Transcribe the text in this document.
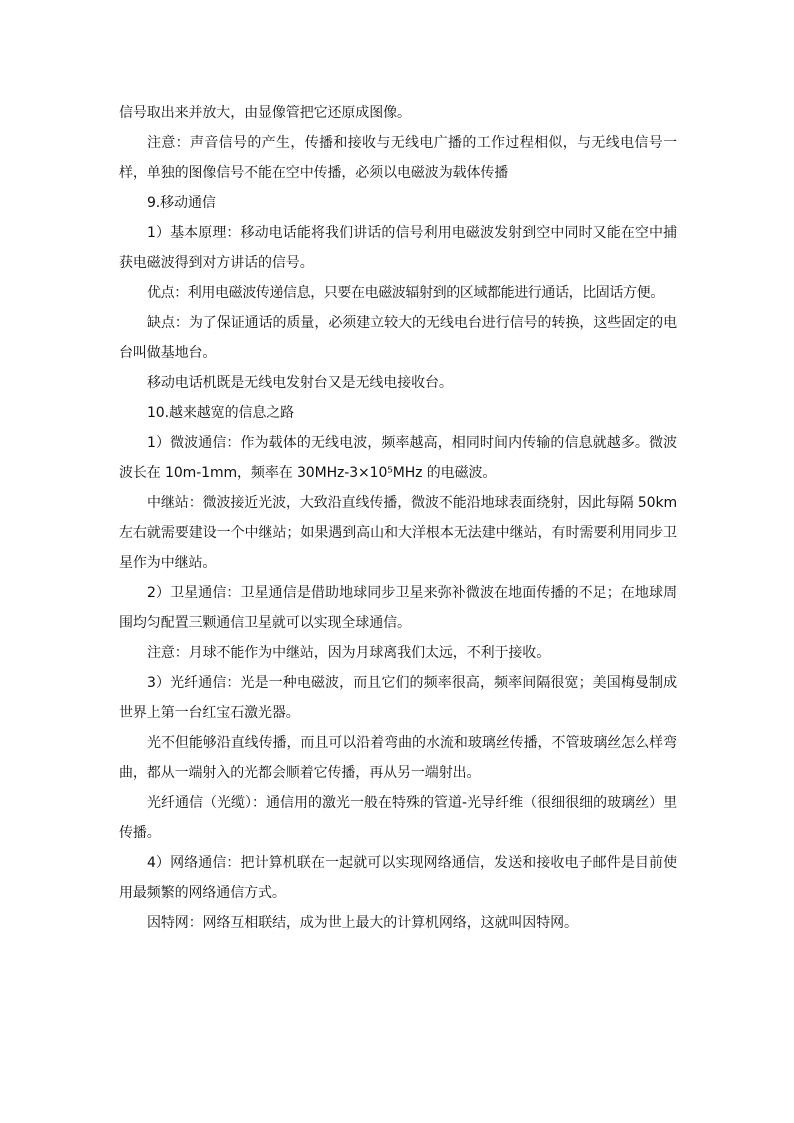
信号取出来并放大，由显像管把它还原成图像。

注意：声音信号的产生，传播和接收与无线电广播的工作过程相似，与无线电信号一样，单独的图像信号不能在空中传播，必须以电磁波为载体传播

9.移动通信

1）基本原理：移动电话能将我们讲话的信号利用电磁波发射到空中同时又能在空中捕获电磁波得到对方讲话的信号。

优点：利用电磁波传递信息，只要在电磁波辐射到的区域都能进行通话，比固话方便。

缺点：为了保证通话的质量，必须建立较大的无线电台进行信号的转换，这些固定的电台叫做基地台。

移动电话机既是无线电发射台又是无线电接收台。

10.越来越宽的信息之路

1）微波通信：作为载体的无线电波，频率越高，相同时间内传输的信息就越多。微波波长在 10m-1mm，频率在 30MHz-3×10⁵MHz 的电磁波。

中继站：微波接近光波，大致沿直线传播，微波不能沿地球表面绕射，因此每隔 50km 左右就需要建设一个中继站；如果遇到高山和大洋根本无法建中继站，有时需要利用同步卫星作为中继站。

2）卫星通信：卫星通信是借助地球同步卫星来弥补微波在地面传播的不足；在地球周围均匀配置三颗通信卫星就可以实现全球通信。

注意：月球不能作为中继站，因为月球离我们太远，不利于接收。

3）光纤通信：光是一种电磁波，而且它们的频率很高，频率间隔很宽；美国梅曼制成世界上第一台红宝石激光器。

光不但能够沿直线传播，而且可以沿着弯曲的水流和玻璃丝传播，不管玻璃丝怎么样弯曲，都从一端射入的光都会顺着它传播，再从另一端射出。

光纤通信（光缆）：通信用的激光一般在特殊的管道-光导纤维（很细很细的玻璃丝）里传播。

4）网络通信：把计算机联在一起就可以实现网络通信，发送和接收电子邮件是目前使用最频繁的网络通信方式。

因特网：网络互相联结，成为世上最大的计算机网络，这就叫因特网。
